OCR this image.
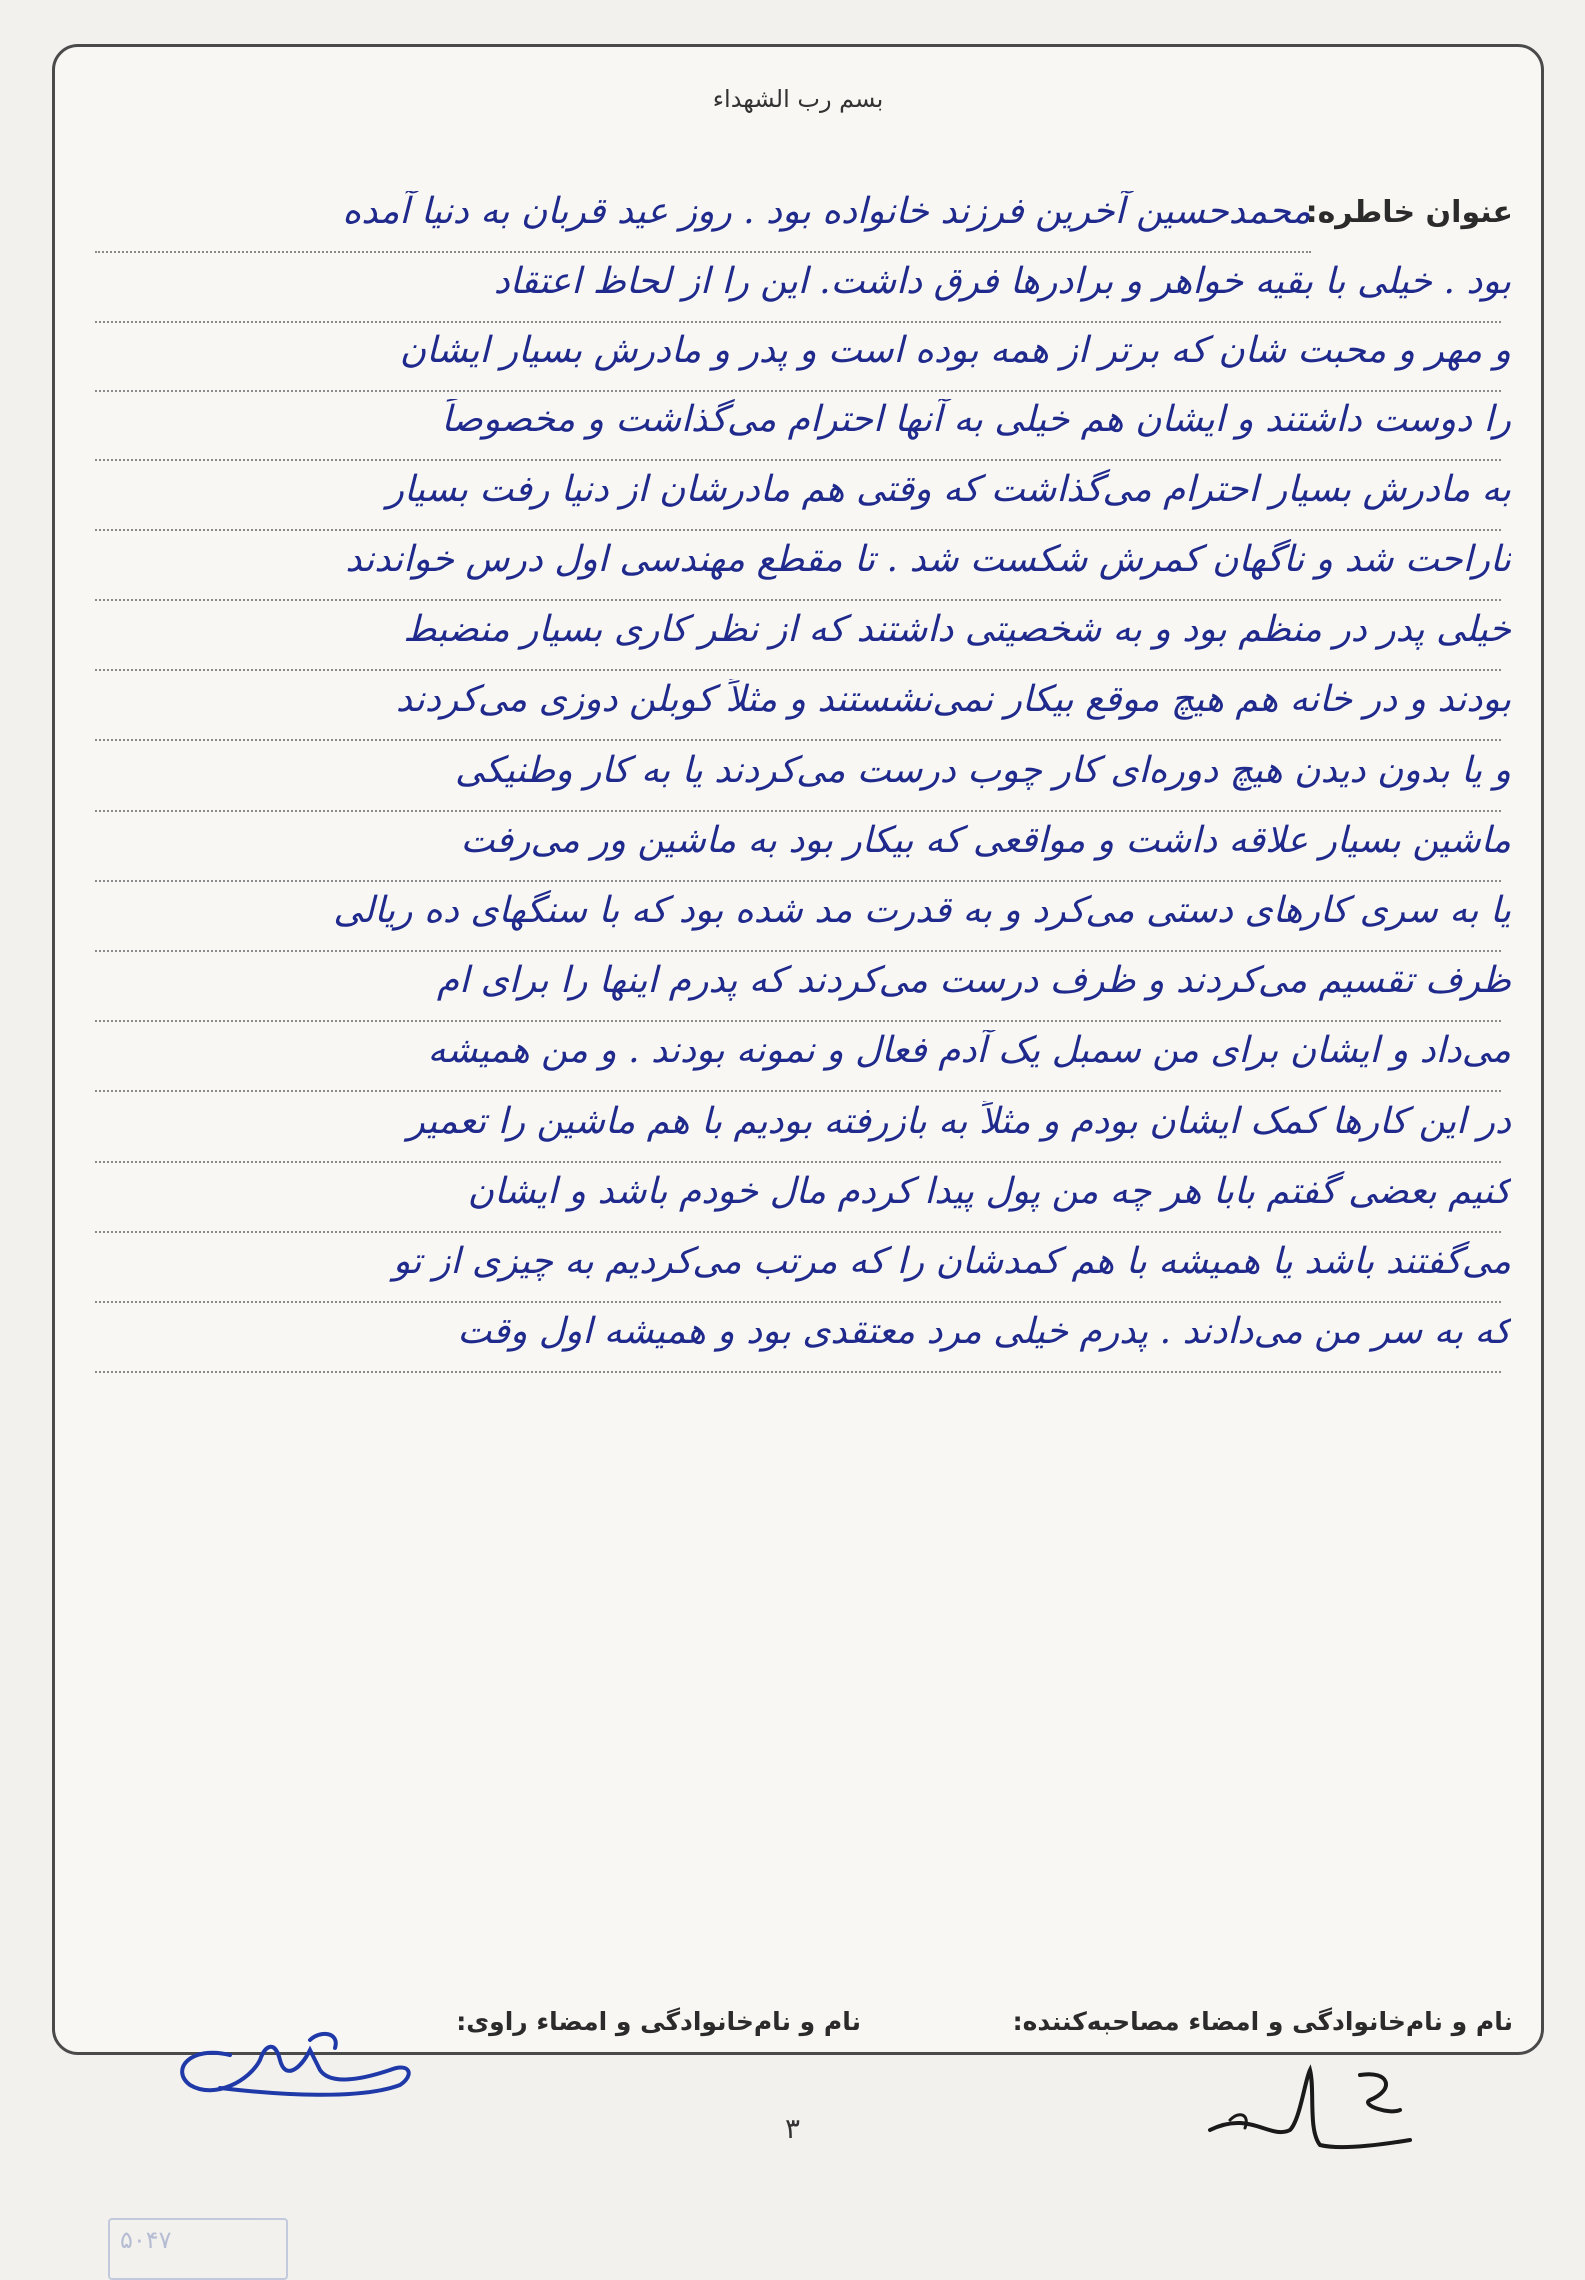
بسم رب الشهداء
عنوان خاطره:
محمدحسین آخرین فرزند خانواده بود . روز عید قربان به دنیا آمده
بود . خیلی با بقیه خواهر و برادرها فرق داشت. این را از لحاظ اعتقاد
و مهر و محبت شان که برتر از همه بوده است و پدر و مادرش بسیار ایشان
را دوست داشتند و ایشان هم خیلی به آنها احترام می‌گذاشت و مخصوصاً
به مادرش بسیار احترام می‌گذاشت که وقتی هم مادرشان از دنیا رفت بسیار
ناراحت شد و ناگهان کمرش شکست شد . تا مقطع مهندسی اول درس خواندند
خیلی پدر در منظم بود و به شخصیتی داشتند که از نظر کاری بسیار منضبط
بودند و در خانه هم هیچ موقع بیکار نمی‌نشستند و مثلاً کوبلن دوزی می‌کردند
و یا بدون دیدن هیچ دوره‌ای کار چوب درست می‌کردند یا به کار وطنیکی
ماشین بسیار علاقه داشت و مواقعی که بیکار بود به ماشین ور می‌رفت
یا به سری کارهای دستی می‌کرد و به قدرت مد شده بود که با سنگهای ده ریالی
ظرف تقسیم می‌کردند و ظرف درست می‌کردند که پدرم اینها را برای ام
می‌داد و ایشان برای من سمبل یک آدم فعال و نمونه بودند . و من همیشه
در این کارها کمک ایشان بودم و مثلاً به بازرفته بودیم با هم ماشین را تعمیر
کنیم بعضی گفتم بابا هر چه من پول پیدا کردم مال خودم باشد و ایشان
می‌گفتند باشد یا همیشه با هم کمدشان را که مرتب می‌کردیم به چیزی از تو
که به سر من می‌دادند . پدرم خیلی مرد معتقدی بود و همیشه اول وقت
نام و نام‌خانوادگی و امضاء مصاحبه‌کننده:
نام و نام‌خانوادگی و امضاء راوی:
۳
۵۰۴۷
